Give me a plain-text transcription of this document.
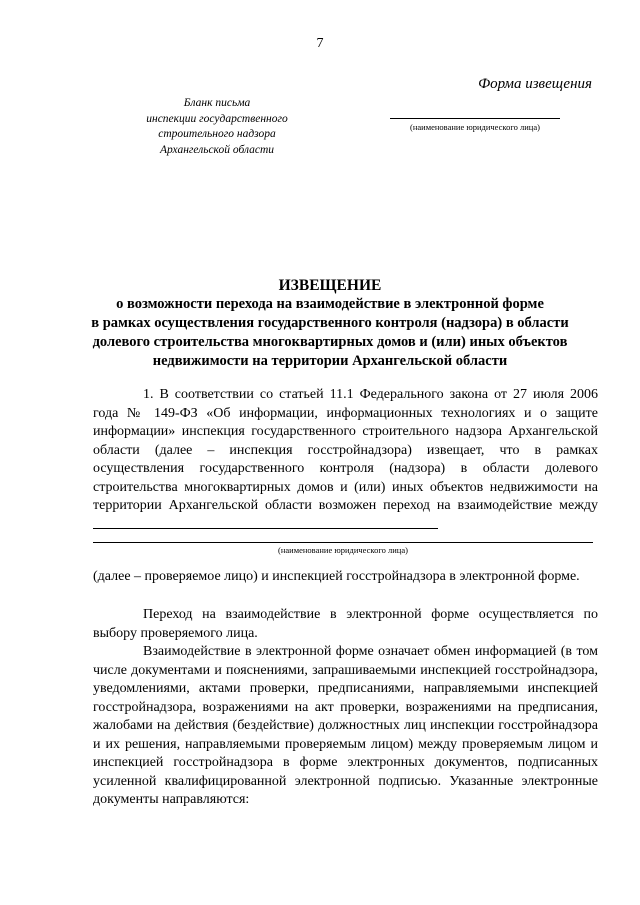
7
Форма извещения
Бланк письма
инспекции государственного
строительного надзора
Архангельской области
(наименование юридического лица)
ИЗВЕЩЕНИЕ
о возможности перехода на взаимодействие в электронной форме
в рамках осуществления государственного контроля (надзора) в области
долевого строительства многоквартирных домов и (или) иных объектов
недвижимости на территории Архангельской области
1. В соответствии со статьей 11.1 Федерального закона от 27 июля 2006 года № 149-ФЗ «Об информации, информационных технологиях и о защите информации» инспекция государственного строительного надзора Архангельской области (далее – инспекция госстройнадзора) извещает, что в рамках осуществления государственного контроля (надзора) в области долевого строительства многоквартирных домов и (или) иных объектов недвижимости на территории Архангельской области возможен переход на взаимодействие между
(наименование юридического лица)
(далее – проверяемое лицо) и инспекцией госстройнадзора в электронной форме.
Переход на взаимодействие в электронной форме осуществляется по выбору проверяемого лица.
Взаимодействие в электронной форме означает обмен информацией (в том числе документами и пояснениями, запрашиваемыми инспекцией госстройнадзора, уведомлениями, актами проверки, предписаниями, направляемыми инспекцией госстройнадзора, возражениями на акт проверки, возражениями на предписания, жалобами на действия (бездействие) должностных лиц инспекции госстройнадзора и их решения, направляемыми проверяемым лицом) между проверяемым лицом и инспекцией госстройнадзора в форме электронных документов, подписанных усиленной квалифицированной электронной подписью. Указанные электронные документы направляются:
